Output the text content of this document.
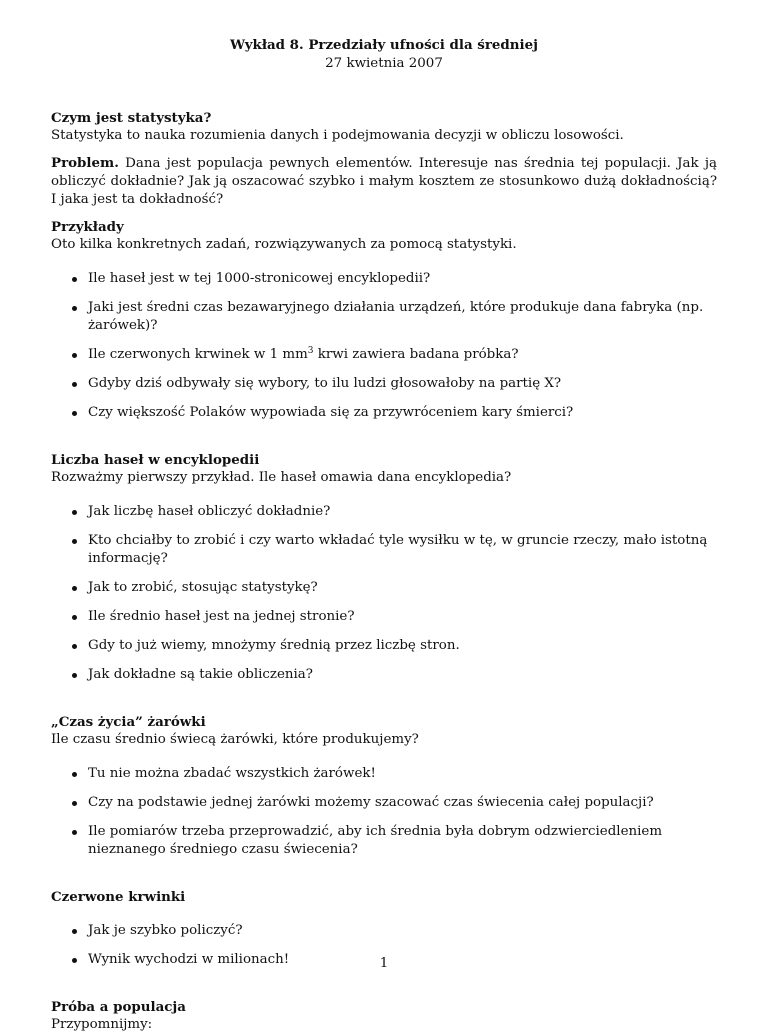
Wykład 8. Przedziały ufności dla średniej
27 kwietnia 2007
Czym jest statystyka?

Statystyka to nauka rozumienia danych i podejmowania decyzji w obliczu losowości.

Problem. Dana jest populacja pewnych elementów. Interesuje nas średnia tej populacji. Jak ją obliczyć dokładnie? Jak ją oszacować szybko i małym kosztem ze stosunkowo dużą dokładnością? I jaka jest ta dokładność?

Przykłady

Oto kilka konkretnych zadań, rozwiązywanych za pomocą statystyki.

Ile haseł jest w tej 1000-stronicowej encyklopedii?
Jaki jest średni czas bezawaryjnego działania urządzeń, które produkuje dana fabryka (np. żarówek)?
Ile czerwonych krwinek w 1 $mm^3$ krwi zawiera badana próbka?
Gdyby dziś odbywały się wybory, to ilu ludzi głosowałoby na partię X?
Czy większość Polaków wypowiada się za przywróceniem kary śmierci?
Liczba haseł w encyklopedii

Rozważmy pierwszy przykład. Ile haseł omawia dana encyklopedia?

Jak liczbę haseł obliczyć dokładnie?
Kto chciałby to zrobić i czy warto wkładać tyle wysiłku w tę, w gruncie rzeczy, mało istotną informację?
Jak to zrobić, stosując statystykę?
Ile średnio haseł jest na jednej stronie?
Gdy to już wiemy, mnożymy średnią przez liczbę stron.
Jak dokładne są takie obliczenia?
„Czas życia” żarówki

Ile czasu średnio świecą żarówki, które produkujemy?

Tu nie można zbadać wszystkich żarówek!
Czy na podstawie jednej żarówki możemy szacować czas świecenia całej populacji?
Ile pomiarów trzeba przeprowadzić, aby ich średnia była dobrym odzwierciedleniem nieznanego średniego czasu świecenia?
Czerwone krwinki
Jak je szybko policzyć?
Wynik wychodzi w milionach!
Próba a populacja

Przypomnijmy:

1
